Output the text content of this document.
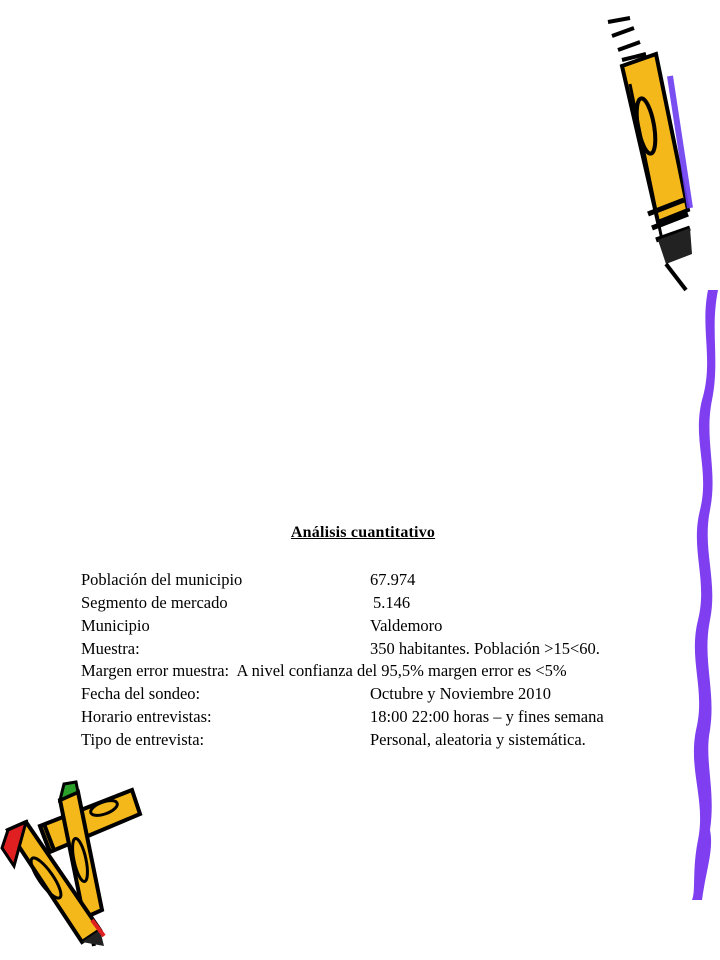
Análisis cuantitativo
Población del municipio	67.974
Segmento de mercado	5.146
Municipio	Valdemoro
Muestra:	350 habitantes. Población >15<60.
Margen error muestra:  A nivel confianza del 95,5% margen error es <5%
Fecha del sondeo:	Octubre y Noviembre 2010
Horario entrevistas:	18:00 22:00 horas – y fines semana
Tipo de entrevista:	Personal, aleatoria y sistemática.
